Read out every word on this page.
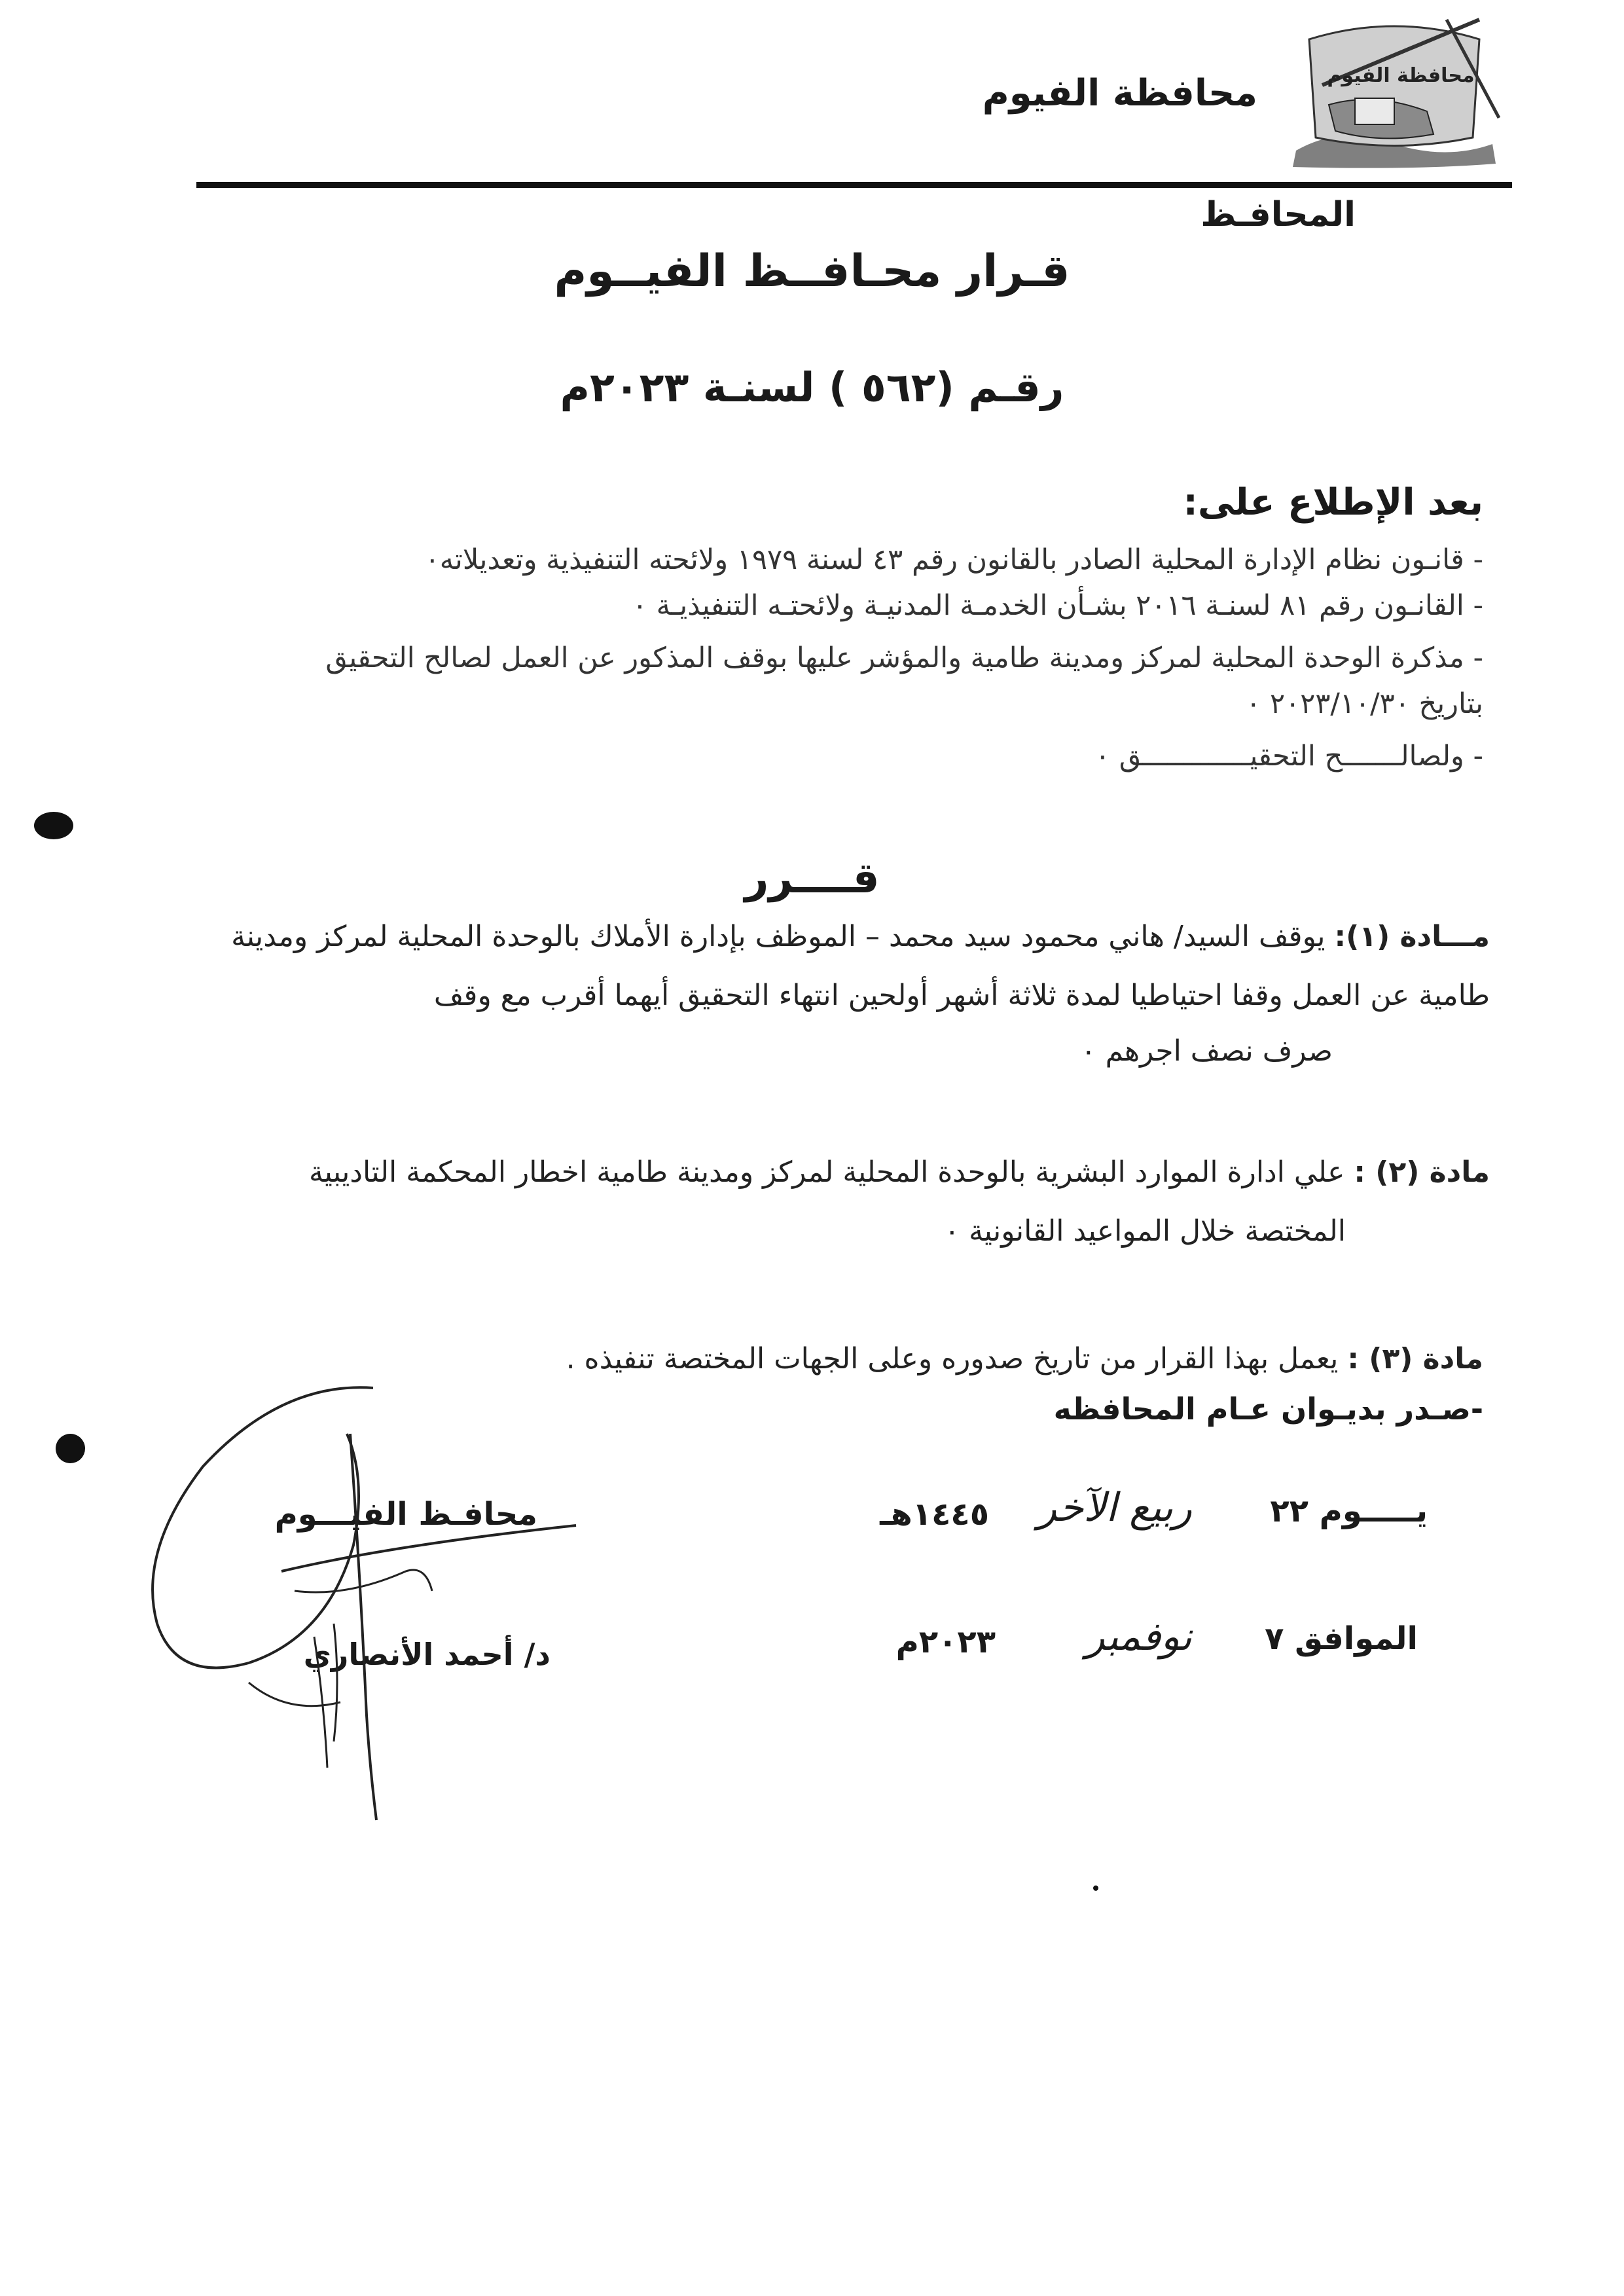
محافظة الفيوم	محافظة الفيوم
المحافـظ
قـرار محـافــظ الفيــوم
رقـم (٥٦٢ ) لسنـة ٢٠٢٣م
بعد الإطلاع على:
- قانـون نظام الإدارة المحلية الصادر بالقانون رقم ٤٣ لسنة ١٩٧٩ ولائحته التنفيذية وتعديلاته٠
- القانـون رقم ٨١ لسنـة ٢٠١٦ بشـأن الخدمـة المدنيـة ولائحتـه التنفيذيـة ٠
- مذكرة الوحدة المحلية لمركز ومدينة طامية والمؤشر عليها بوقف المذكور عن العمل لصالح التحقيق
بتاريخ ٢٠٢٣/١٠/٣٠ ٠
- ولصالـــــــح التحقيـــــــــــــق ٠
قــــرر
مـــادة (١): يوقف السيد/ هاني محمود سيد محمد – الموظف بإدارة الأملاك بالوحدة المحلية لمركز ومدينة
طامية عن العمل وقفا احتياطيا لمدة ثلاثة أشهر أولحين انتهاء التحقيق أيهما أقرب مع وقف
صرف نصف اجرهم ٠
مادة (٢) : علي ادارة الموارد البشرية بالوحدة المحلية لمركز ومدينة طامية اخطار المحكمة التاديبية
المختصة خلال المواعيد القانونية ٠
مادة (٣) : يعمل بهذا القرار من تاريخ صدوره وعلى الجهات المختصة تنفيذه .
-صـدر بديـوان عـام المحافظه
يـــــوم ٢٢
ربيع الآخر
١٤٤٥هـ
الموافق ٧
نوفمبر
٢٠٢٣م
محافـظ الفيـــوم
د/ أحمد الأنصاري
